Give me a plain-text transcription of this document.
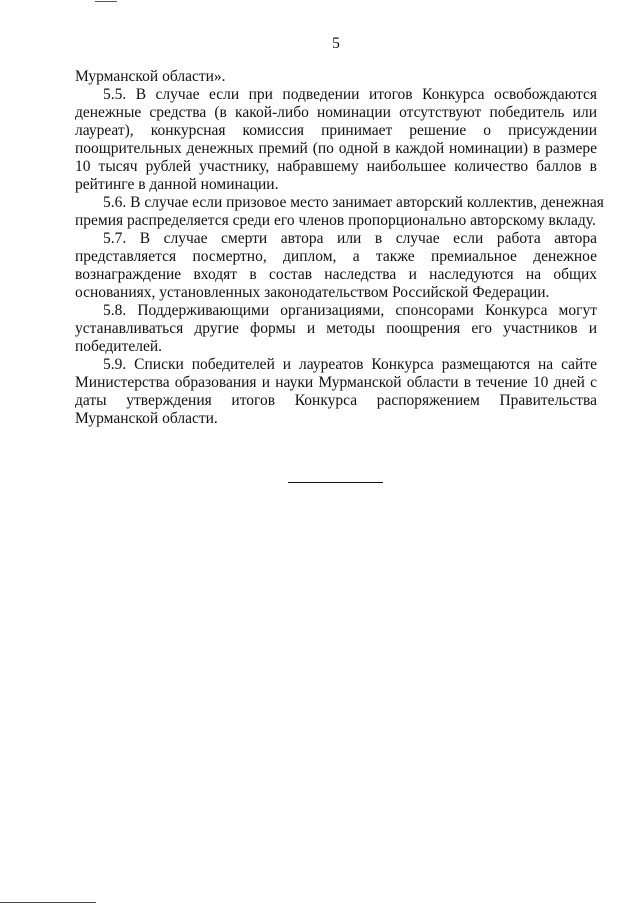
5
Мурманской области».
5.5. В случае если при подведении итогов Конкурса освобождаются
денежные средства (в какой-либо номинации отсутствуют победитель или
лауреат), конкурсная комиссия принимает решение о присуждении
поощрительных денежных премий (по одной в каждой номинации) в размере
10 тысяч рублей участнику, набравшему наибольшее количество баллов в
рейтинге в данной номинации.
5.6. В случае если призовое место занимает авторский коллектив, денежная
премия распределяется среди его членов пропорционально авторскому вкладу.
5.7. В случае смерти автора или в случае если работа автора
представляется посмертно, диплом, а также премиальное денежное
вознаграждение входят в состав наследства и наследуются на общих
основаниях, установленных законодательством Российской Федерации.
5.8. Поддерживающими организациями, спонсорами Конкурса могут
устанавливаться другие формы и методы поощрения его участников и
победителей.
5.9. Списки победителей и лауреатов Конкурса размещаются на сайте
Министерства образования и науки Мурманской области в течение 10 дней с
даты утверждения итогов Конкурса распоряжением Правительства
Мурманской области.
